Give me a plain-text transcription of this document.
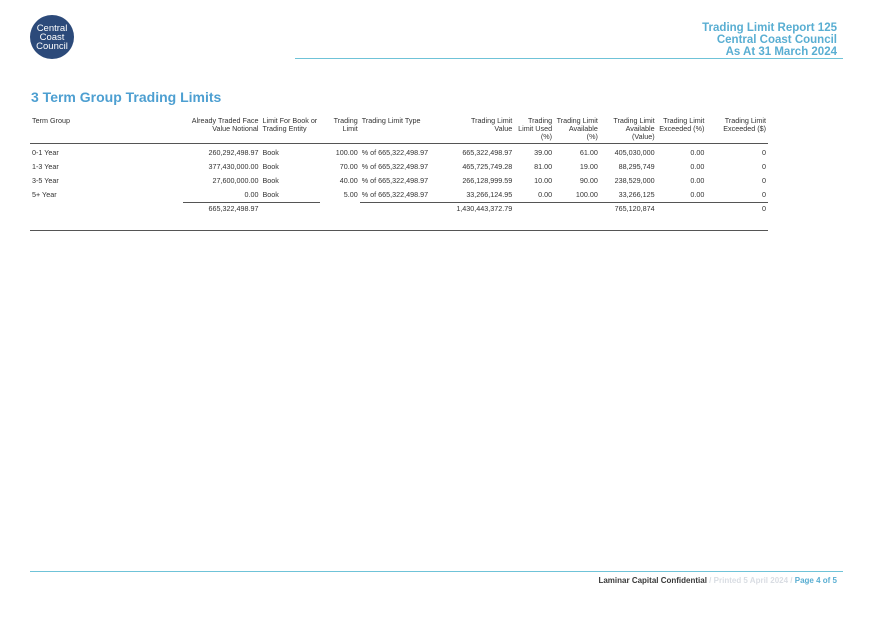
Central
Coast
Council
Trading Limit Report 125
Central Coast Council
As At 31 March 2024
3 Term Group Trading Limits
Term Group	Already Traded Face Value Notional	Limit For Book or Trading Entity	Trading Limit	Trading Limit Type	Trading Limit Value	Trading Limit Used (%)	Trading Limit Available (%)	Trading Limit Available (Value)	Trading Limit Exceeded (%)	Trading Limit Exceeded ($)
0-1 Year	260,292,498.97	Book	100.00	% of 665,322,498.97	665,322,498.97	39.00	61.00	405,030,000	0.00	0
1-3 Year	377,430,000.00	Book	70.00	% of 665,322,498.97	465,725,749.28	81.00	19.00	88,295,749	0.00	0
3-5 Year	27,600,000.00	Book	40.00	% of 665,322,498.97	266,128,999.59	10.00	90.00	238,529,000	0.00	0
5+ Year	0.00	Book	5.00	% of 665,322,498.97	33,266,124.95	0.00	100.00	33,266,125	0.00	0
	665,322,498.97				1,430,443,372.79			765,120,874		0
Laminar Capital Confidential / Printed 5 April 2024 / Page 4 of 5
